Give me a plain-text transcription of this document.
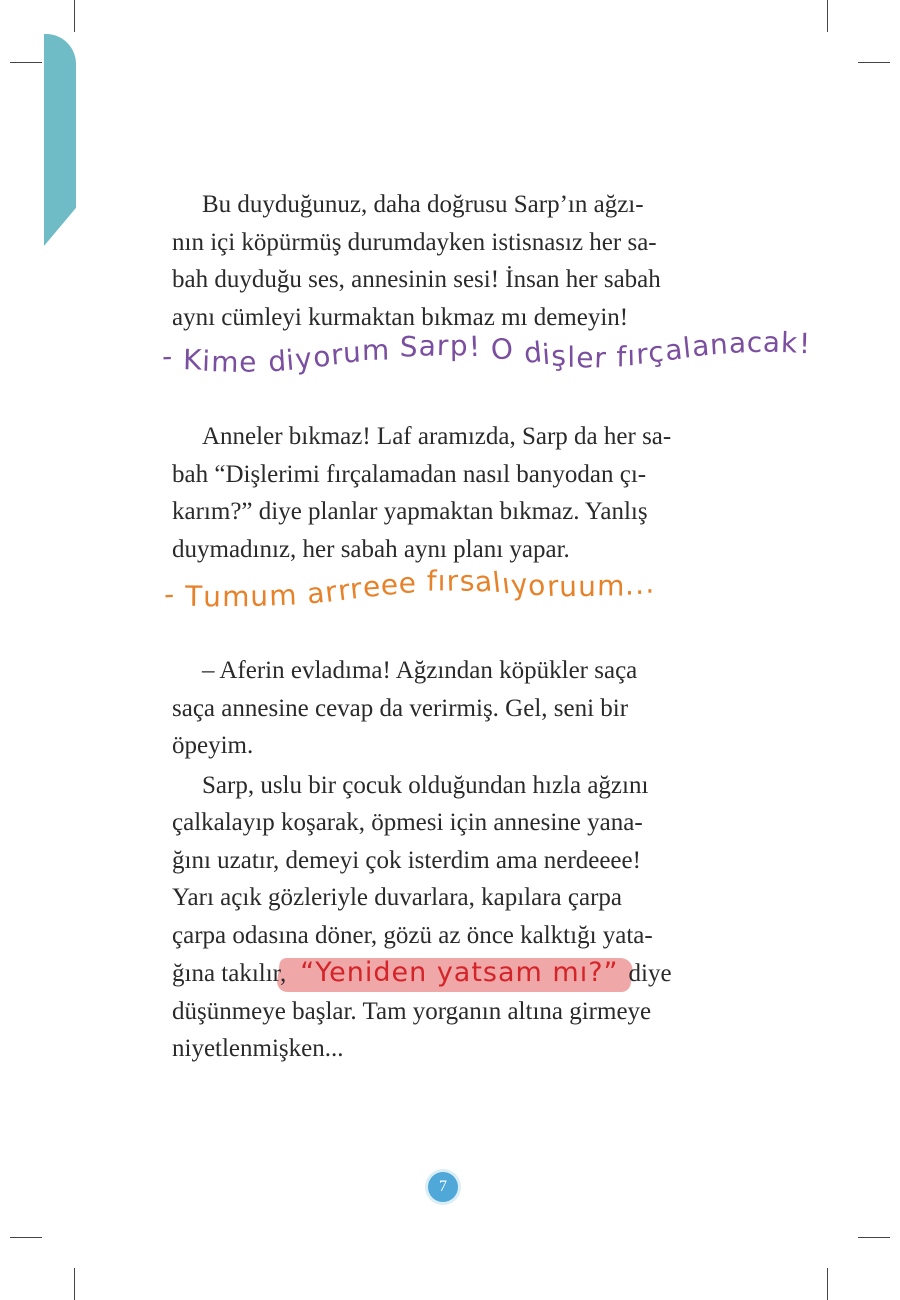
Bu duyduğunuz, daha doğrusu Sarp’ın ağzı-
nın içi köpürmüş durumdayken istisnasız her sa-
bah duyduğu ses, annesinin sesi! İnsan her sabah
aynı cümleyi kurmaktan bıkmaz mı demeyin!

- Kime diyorum Sarp! O dişler fırçalanacak!

Anneler bıkmaz! Laf aramızda, Sarp da her sa-
bah “Dişlerimi fırçalamadan nasıl banyodan çı-
karım?” diye planlar yapmaktan bıkmaz. Yanlış
duymadınız, her sabah aynı planı yapar.

- Tumum arrreee fırsalıyoruum...

– Aferin evladıma! Ağzından köpükler saça
saça annesine cevap da verirmiş. Gel, seni bir
öpeyim.

Sarp, uslu bir çocuk olduğundan hızla ağzını
çalkalayıp koşarak, öpmesi için annesine yana-
ğını uzatır, demeyi çok isterdim ama nerdeeee!
Yarı açık gözleriyle duvarlara, kapılara çarpa
çarpa odasına döner, gözü az önce kalktığı yata-
ğına takılır, “Yeniden yatsam mı?” diye
düşünmeye başlar. Tam yorganın altına girmeye
niyetlenmişken...

7
